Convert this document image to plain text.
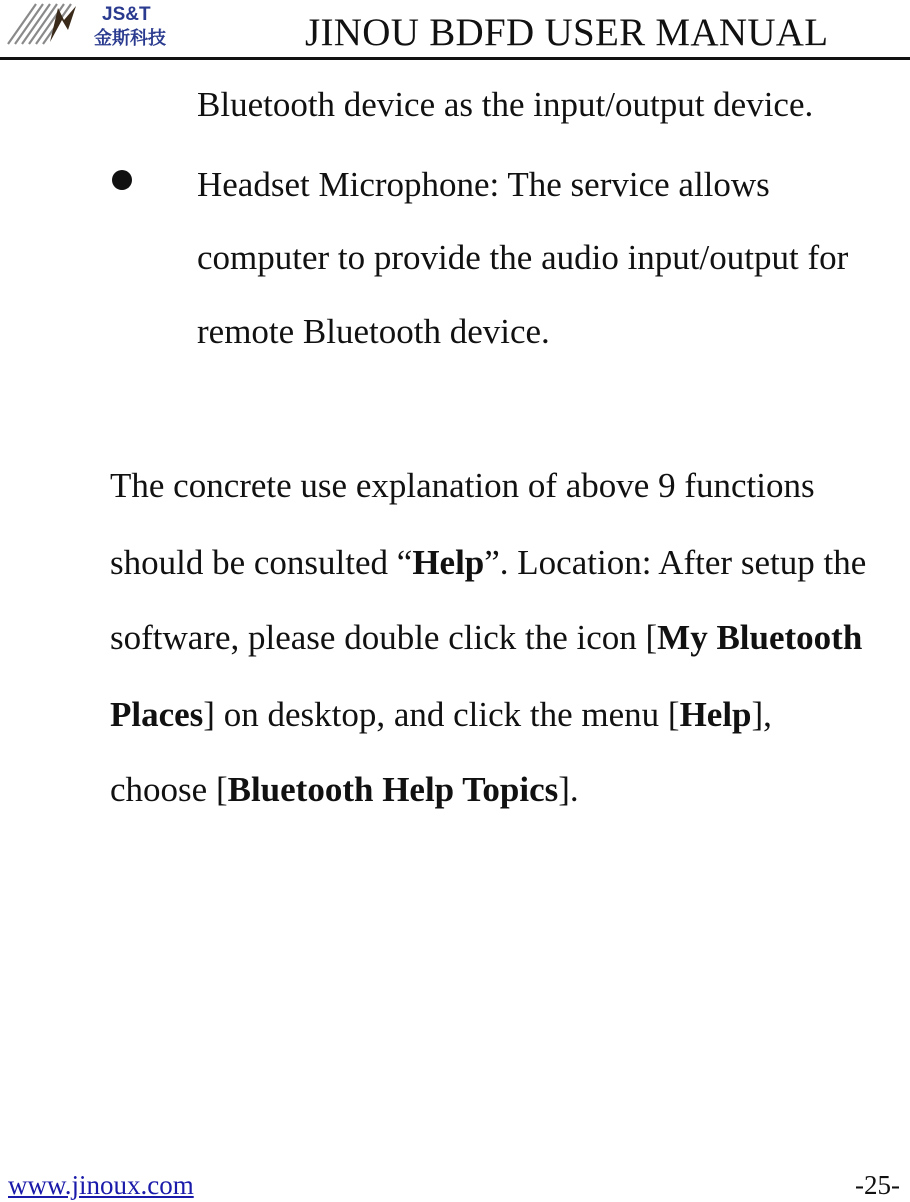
JS&T
金斯科技	JINOU BDFD USER MANUAL
Bluetooth device as the input/output device.
Headset Microphone: The service allows
computer to provide the audio input/output for
remote Bluetooth device.
The concrete use explanation of above 9 functions
should be consulted “Help”. Location: After setup the
software, please double click the icon [My Bluetooth
Places] on desktop, and click the menu [Help],
choose [Bluetooth Help Topics].
www.jinoux.com	-25-
